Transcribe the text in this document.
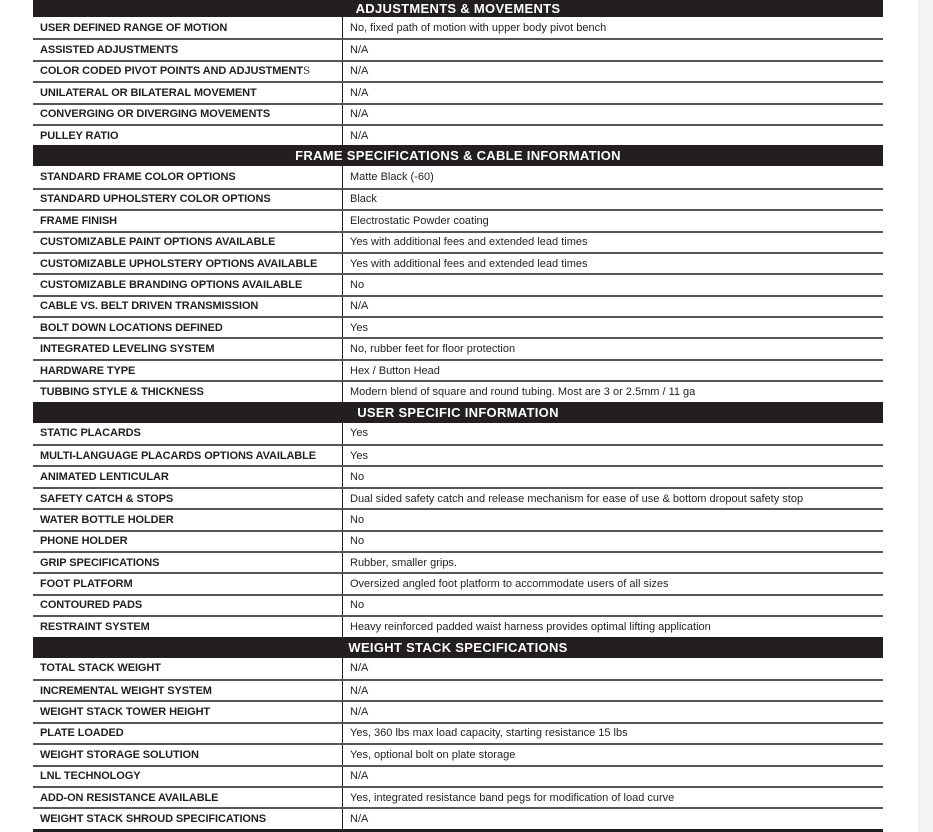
ADJUSTMENTS & MOVEMENTS
USER DEFINED RANGE OF MOTION	No, fixed path of motion with upper body pivot bench
ASSISTED ADJUSTMENTS	N/A
COLOR CODED PIVOT POINTS AND ADJUSTMENT S	N/A
UNILATERAL OR BILATERAL MOVEMENT	N/A
CONVERGING OR DIVERGING MOVEMENTS	N/A
PULLEY RATIO	N/A
FRAME SPECIFICATIONS & CABLE INFORMATION
STANDARD FRAME COLOR OPTIONS	Matte Black (-60)
STANDARD UPHOLSTERY COLOR OPTIONS	Black
FRAME FINISH	Electrostatic Powder coating
CUSTOMIZABLE PAINT OPTIONS AVAILABLE	Yes with additional fees and extended lead times
CUSTOMIZABLE UPHOLSTERY OPTIONS AVAILABLE	Yes with additional fees and extended lead times
CUSTOMIZABLE BRANDING OPTIONS AVAILABLE	No
CABLE VS. BELT DRIVEN TRANSMISSION	N/A
BOLT DOWN LOCATIONS DEFINED	Yes
INTEGRATED LEVELING SYSTEM	No, rubber feet for floor protection
HARDWARE TYPE	Hex / Button Head
TUBBING STYLE & THICKNESS	Modern blend of square and round tubing. Most are 3 or 2.5mm / 11 ga
USER SPECIFIC INFORMATION
STATIC PLACARDS	Yes
MULTI-LANGUAGE PLACARDS OPTIONS AVAILABLE	Yes
ANIMATED LENTICULAR	No
SAFETY CATCH & STOPS	Dual sided safety catch and release mechanism for ease of use & bottom dropout safety stop
WATER BOTTLE HOLDER	No
PHONE HOLDER	No
GRIP SPECIFICATIONS	Rubber, smaller grips.
FOOT PLATFORM	Oversized angled foot platform to accommodate users of all sizes
CONTOURED PADS	No
RESTRAINT SYSTEM	Heavy reinforced padded waist harness provides optimal lifting application
WEIGHT STACK SPECIFICATIONS
TOTAL STACK WEIGHT	N/A
INCREMENTAL WEIGHT SYSTEM	N/A
WEIGHT STACK TOWER HEIGHT	N/A
PLATE LOADED	Yes, 360 lbs max load capacity, starting resistance 15 lbs
WEIGHT STORAGE SOLUTION	Yes, optional bolt on plate storage
LNL TECHNOLOGY	N/A
ADD-ON RESISTANCE AVAILABLE	Yes, integrated resistance band pegs for modification of load curve
WEIGHT STACK SHROUD SPECIFICATIONS	N/A
